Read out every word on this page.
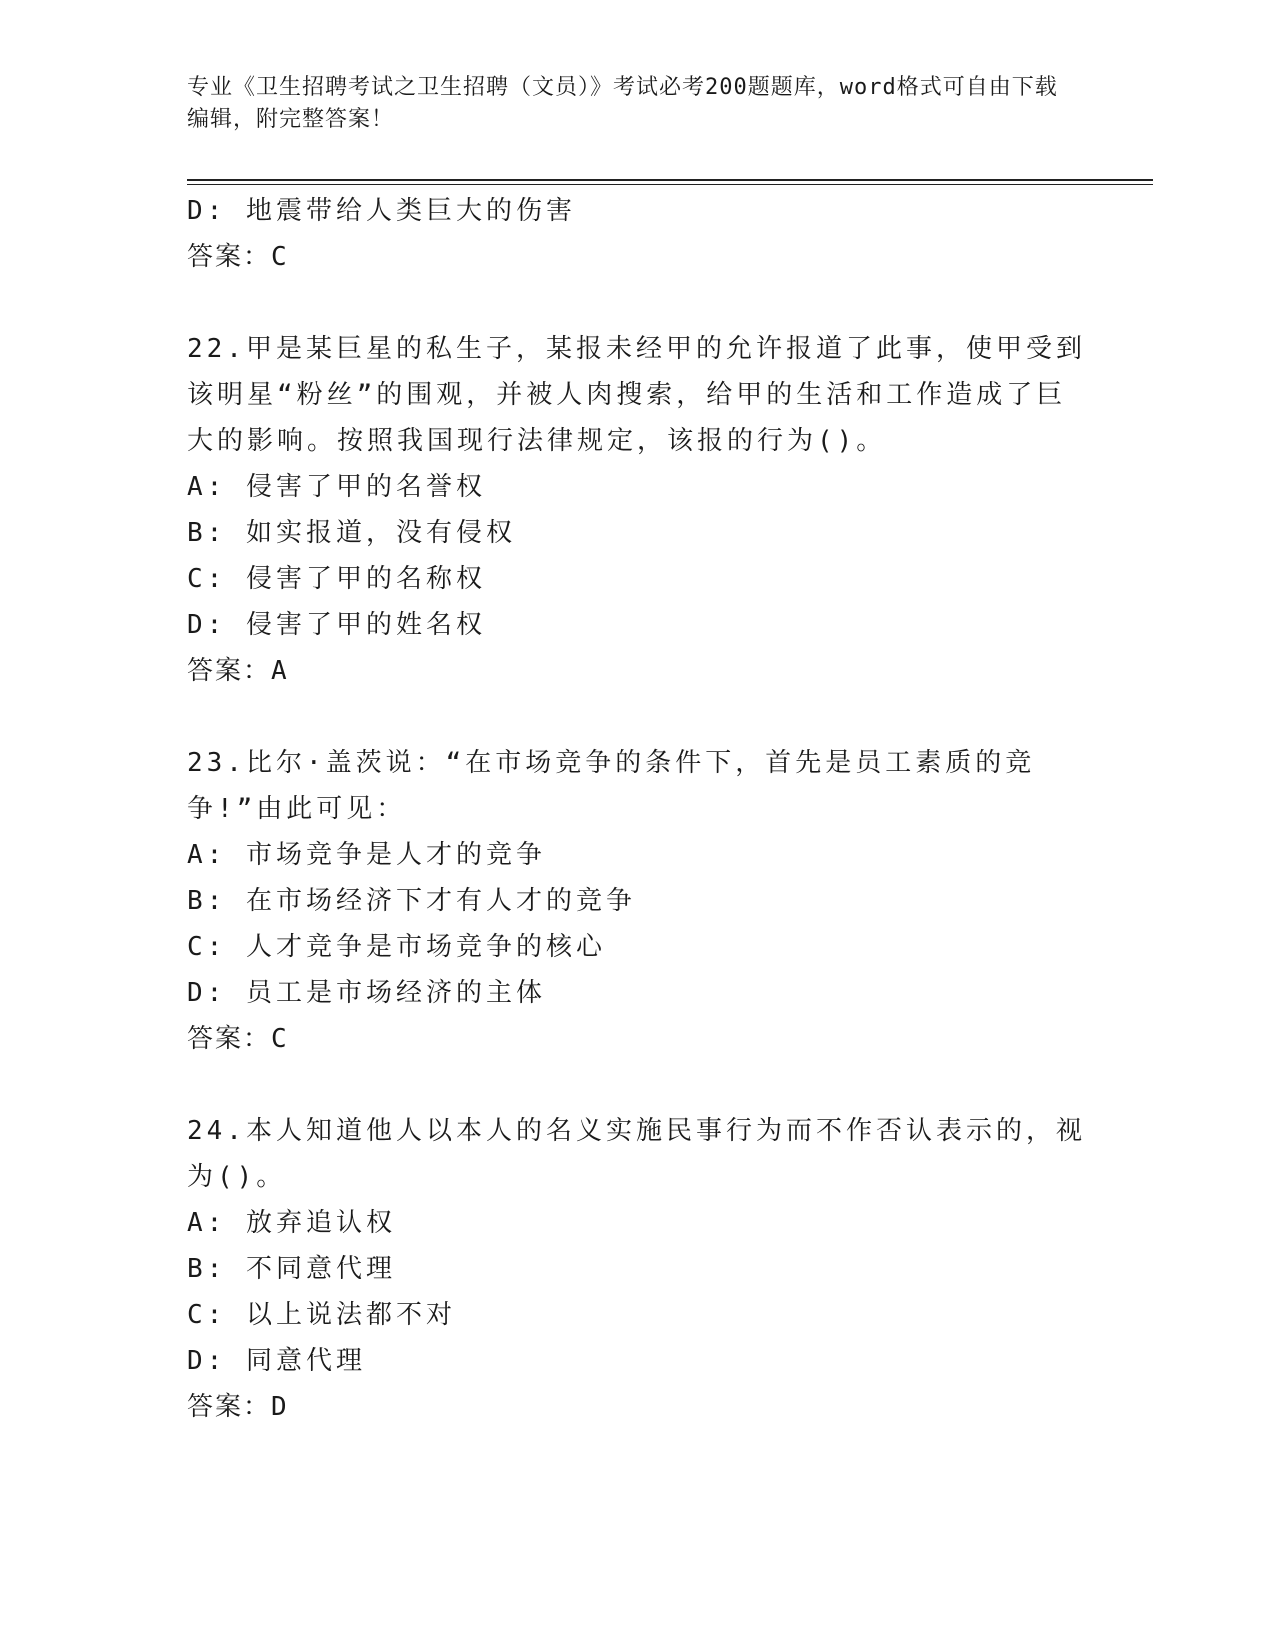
专业《卫生招聘考试之卫生招聘（文员）》考试必考200题题库，word格式可自由下载编辑，附完整答案！
D: 地震带给人类巨大的伤害
答案：C
22.甲是某巨星的私生子，某报未经甲的允许报道了此事，使甲受到该明星“粉丝”的围观，并被人肉搜索，给甲的生活和工作造成了巨大的影响。按照我国现行法律规定，该报的行为()。
A: 侵害了甲的名誉权
B: 如实报道，没有侵权
C: 侵害了甲的名称权
D: 侵害了甲的姓名权
答案：A
23.比尔·盖茨说：“在市场竞争的条件下，首先是员工素质的竞争!”由此可见：
A: 市场竞争是人才的竞争
B: 在市场经济下才有人才的竞争
C: 人才竞争是市场竞争的核心
D: 员工是市场经济的主体
答案：C
24.本人知道他人以本人的名义实施民事行为而不作否认表示的，视为()。
A: 放弃追认权
B: 不同意代理
C: 以上说法都不对
D: 同意代理
答案：D
